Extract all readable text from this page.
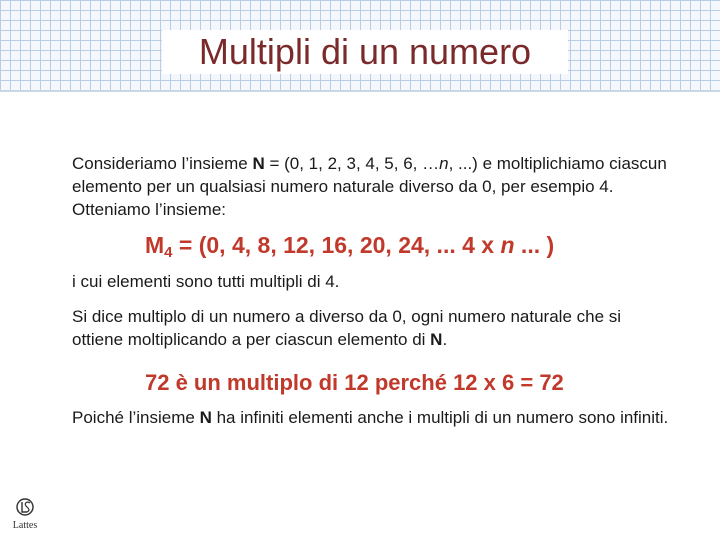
Multipli di un numero

Consideriamo l’insieme N = (0, 1, 2, 3, 4, 5, 6, …n, ...) e moltiplichiamo ciascun elemento per un qualsiasi numero naturale diverso da 0, per esempio 4. Otteniamo l’insieme:

M4 = (0, 4, 8, 12, 16, 20, 24, ... 4 x n ... )

i cui elementi sono tutti multipli di 4.

Si dice multiplo di un numero a diverso da 0, ogni numero naturale che si ottiene moltiplicando a per ciascun elemento di N.

72 è un multiplo di 12 perché 12 x 6 = 72

Poiché l’insieme N ha infiniti elementi anche i multipli di un numero sono infiniti.

Lattes
